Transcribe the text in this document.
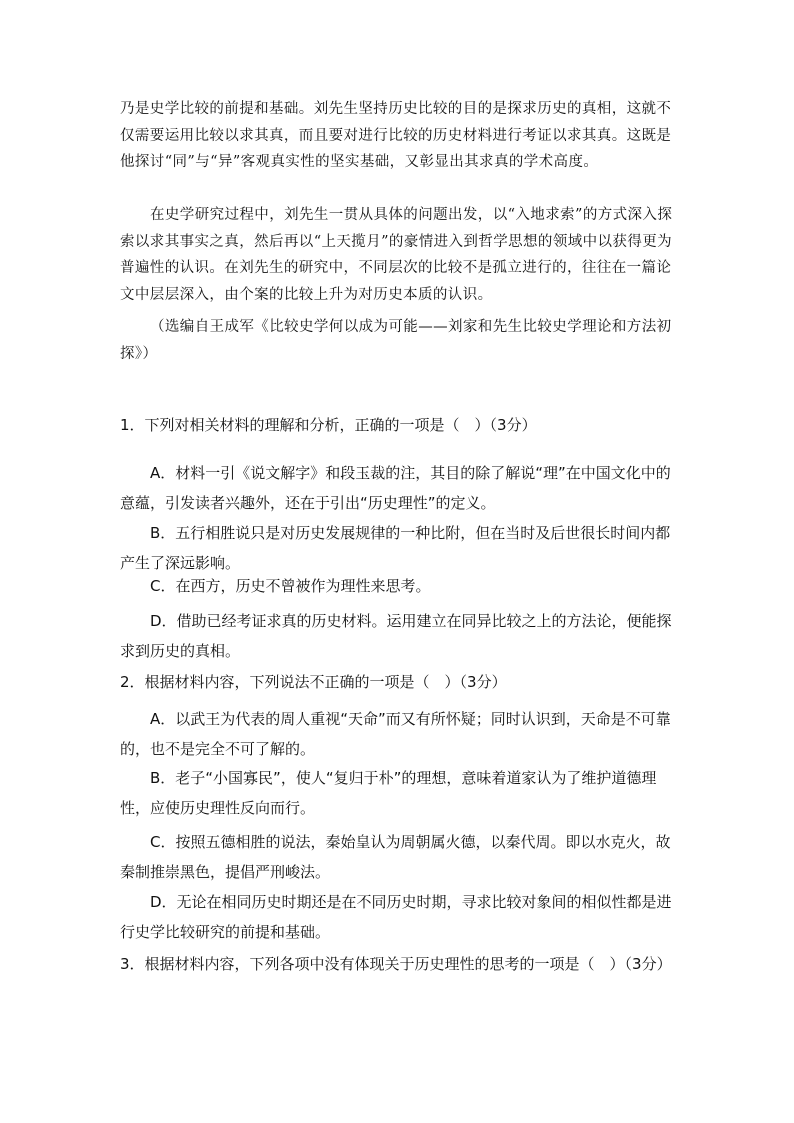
乃是史学比较的前提和基础。刘先生坚持历史比较的目的是探求历史的真相，这就不仅需要运用比较以求其真，而且要对进行比较的历史材料进行考证以求其真。这既是他探讨“同”与“异”客观真实性的坚实基础，又彰显出其求真的学术高度。

在史学研究过程中，刘先生一贯从具体的问题出发，以“入地求索”的方式深入探索以求其事实之真，然后再以“上天揽月”的豪情进入到哲学思想的领域中以获得更为普遍性的认识。在刘先生的研究中，不同层次的比较不是孤立进行的，往往在一篇论文中层层深入，由个案的比较上升为对历史本质的认识。

（选编自王成军《比较史学何以成为可能——刘家和先生比较史学理论和方法初探》）

1．下列对相关材料的理解和分析，正确的一项是（　）（3分）

A．材料一引《说文解字》和段玉裁的注，其目的除了解说“理”在中国文化中的意蕴，引发读者兴趣外，还在于引出“历史理性”的定义。

B．五行相胜说只是对历史发展规律的一种比附，但在当时及后世很长时间内都产生了深远影响。

C．在西方，历史不曾被作为理性来思考。

D．借助已经考证求真的历史材料。运用建立在同异比较之上的方法论，便能探求到历史的真相。

2．根据材料内容，下列说法不正确的一项是（　）（3分）

A．以武王为代表的周人重视“天命”而又有所怀疑；同时认识到，天命是不可靠的，也不是完全不可了解的。

B．老子“小国寡民”，使人“复归于朴”的理想，意味着道家认为了维护道德理性，应使历史理性反向而行。

C．按照五德相胜的说法，秦始皇认为周朝属火德，以秦代周。即以水克火，故秦制推崇黑色，提倡严刑峻法。

D．无论在相同历史时期还是在不同历史时期，寻求比较对象间的相似性都是进行史学比较研究的前提和基础。

3．根据材料内容，下列各项中没有体现关于历史理性的思考的一项是（　）（3分）
